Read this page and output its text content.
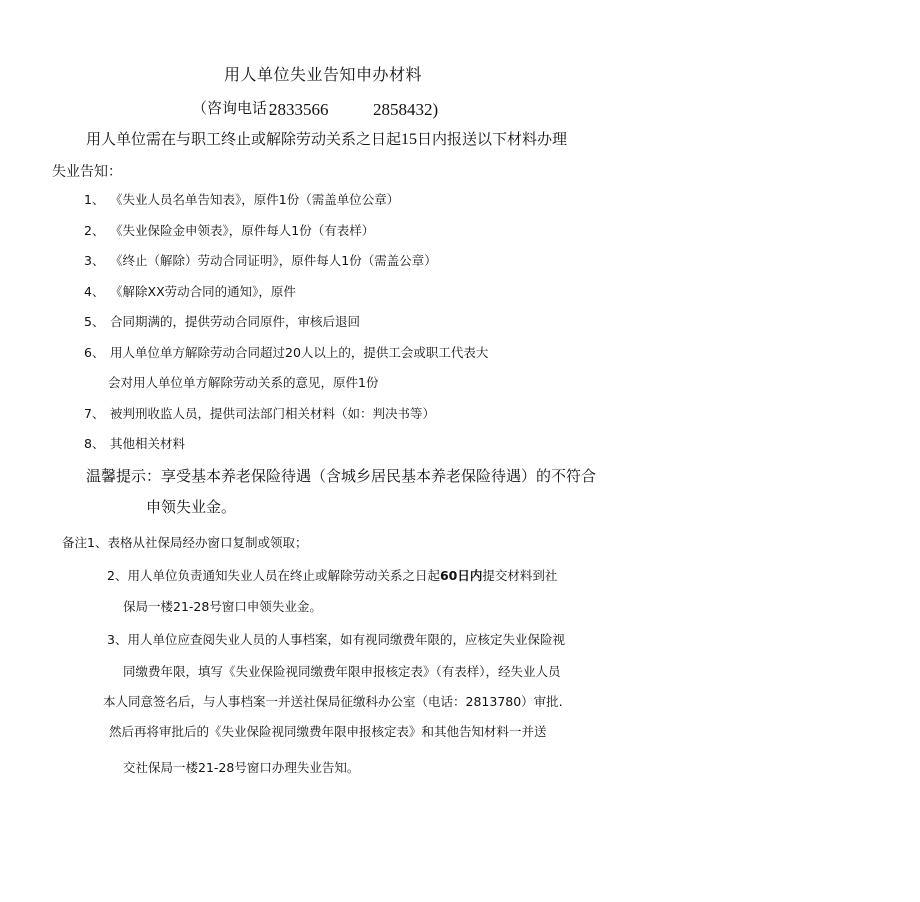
用人单位失业告知申办材料
（咨询电话：
2833566	2858432)
用人单位需在与职工终止或解除劳动关系之日起15日内报送以下材料办理
失业告知：
1、 《失业人员名单告知表》，原件1份（需盖单位公章）
2、 《失业保险金申领表》，原件每人1份（有表样）
3、 《终止（解除）劳动合同证明》，原件每人1份（需盖公章）
4、 《解除XX劳动合同的通知》，原件
5、 合同期满的，提供劳动合同原件，审核后退回
6、 用人单位单方解除劳动合同超过20人以上的，提供工会或职工代表大
会对用人单位单方解除劳动关系的意见，原件1份
7、 被判刑收监人员，提供司法部门相关材料（如：判决书等）
8、 其他相关材料
温馨提示：享受基本养老保险待遇（含城乡居民基本养老保险待遇）的不符合
申领失业金。
备注1、表格从社保局经办窗口复制或领取；
2、用人单位负责通知失业人员在终止或解除劳动关系之日起60日内提交材料到社
保局一楼21-28号窗口申领失业金。
3、用人单位应查阅失业人员的人事档案，如有视同缴费年限的，应核定失业保险视
同缴费年限，填写《失业保险视同缴费年限申报核定表》（有表样），经失业人员
本人同意签名后，与人事档案一并送社保局征缴科办公室（电话：2813780）审批.
然后再将审批后的《失业保险视同缴费年限申报核定表》和其他告知材料一并送
交社保局一楼21-28号窗口办理失业告知。
